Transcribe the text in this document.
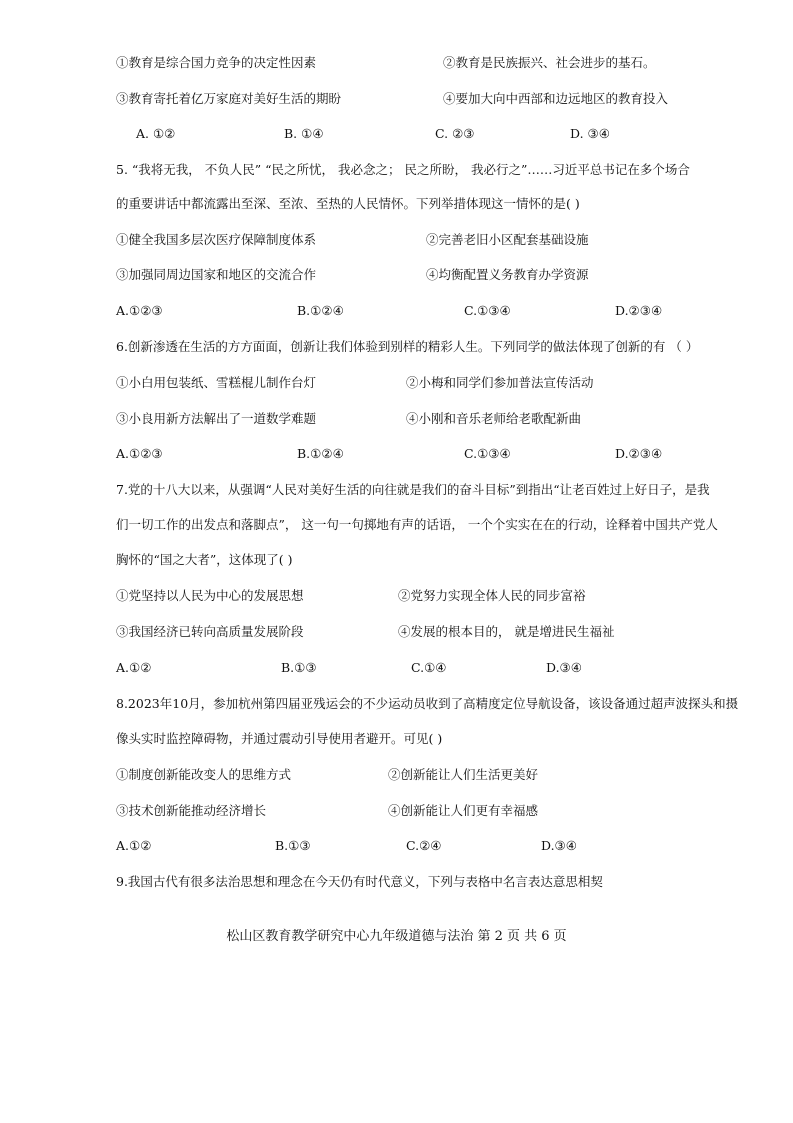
①教育是综合国力竞争的决定性因素	②教育是民族振兴、社会进步的基石。
③教育寄托着亿万家庭对美好生活的期盼	④要加大向中西部和边远地区的教育投入
A. ①②	B. ①④	C. ②③	D. ③④
5. “我将无我， 不负人民” “民之所忧， 我必念之； 民之所盼， 我必行之”……习近平总书记在多个场合
的重要讲话中都流露出至深、至浓、至热的人民情怀。下列举措体现这一情怀的是( )
①健全我国多层次医疗保障制度体系	②完善老旧小区配套基础设施
③加强同周边国家和地区的交流合作	④均衡配置义务教育办学资源
A.①②③	B.①②④	C.①③④	D.②③④
6.创新渗透在生活的方方面面，创新让我们体验到别样的精彩人生。下列同学的做法体现了创新的有 （ ）
①小白用包装纸、雪糕棍儿制作台灯	②小梅和同学们参加普法宣传活动
③小良用新方法解出了一道数学难题	④小刚和音乐老师给老歌配新曲
A.①②③	B.①②④	C.①③④	D.②③④
7.党的十八大以来，从强调“人民对美好生活的向往就是我们的奋斗目标”到指出“让老百姓过上好日子，是我
们一切工作的出发点和落脚点”， 这一句一句掷地有声的话语， 一个个实实在在的行动，诠释着中国共产党人
胸怀的“国之大者”，这体现了( )
①党坚持以人民为中心的发展思想	②党努力实现全体人民的同步富裕
③我国经济已转向高质量发展阶段	④发展的根本目的， 就是增进民生福祉
A.①②	B.①③	C.①④	D.③④
8.2023年10月，参加杭州第四届亚残运会的不少运动员收到了高精度定位导航设备，该设备通过超声波探头和摄
像头实时监控障碍物，并通过震动引导使用者避开。可见( )
①制度创新能改变人的思维方式	②创新能让人们生活更美好
③技术创新能推动经济增长	④创新能让人们更有幸福感
A.①②	B.①③	C.②④	D.③④
9.我国古代有很多法治思想和理念在今天仍有时代意义，下列与表格中名言表达意思相契
松山区教育教学研究中心九年级道德与法治 第 2 页 共 6 页
